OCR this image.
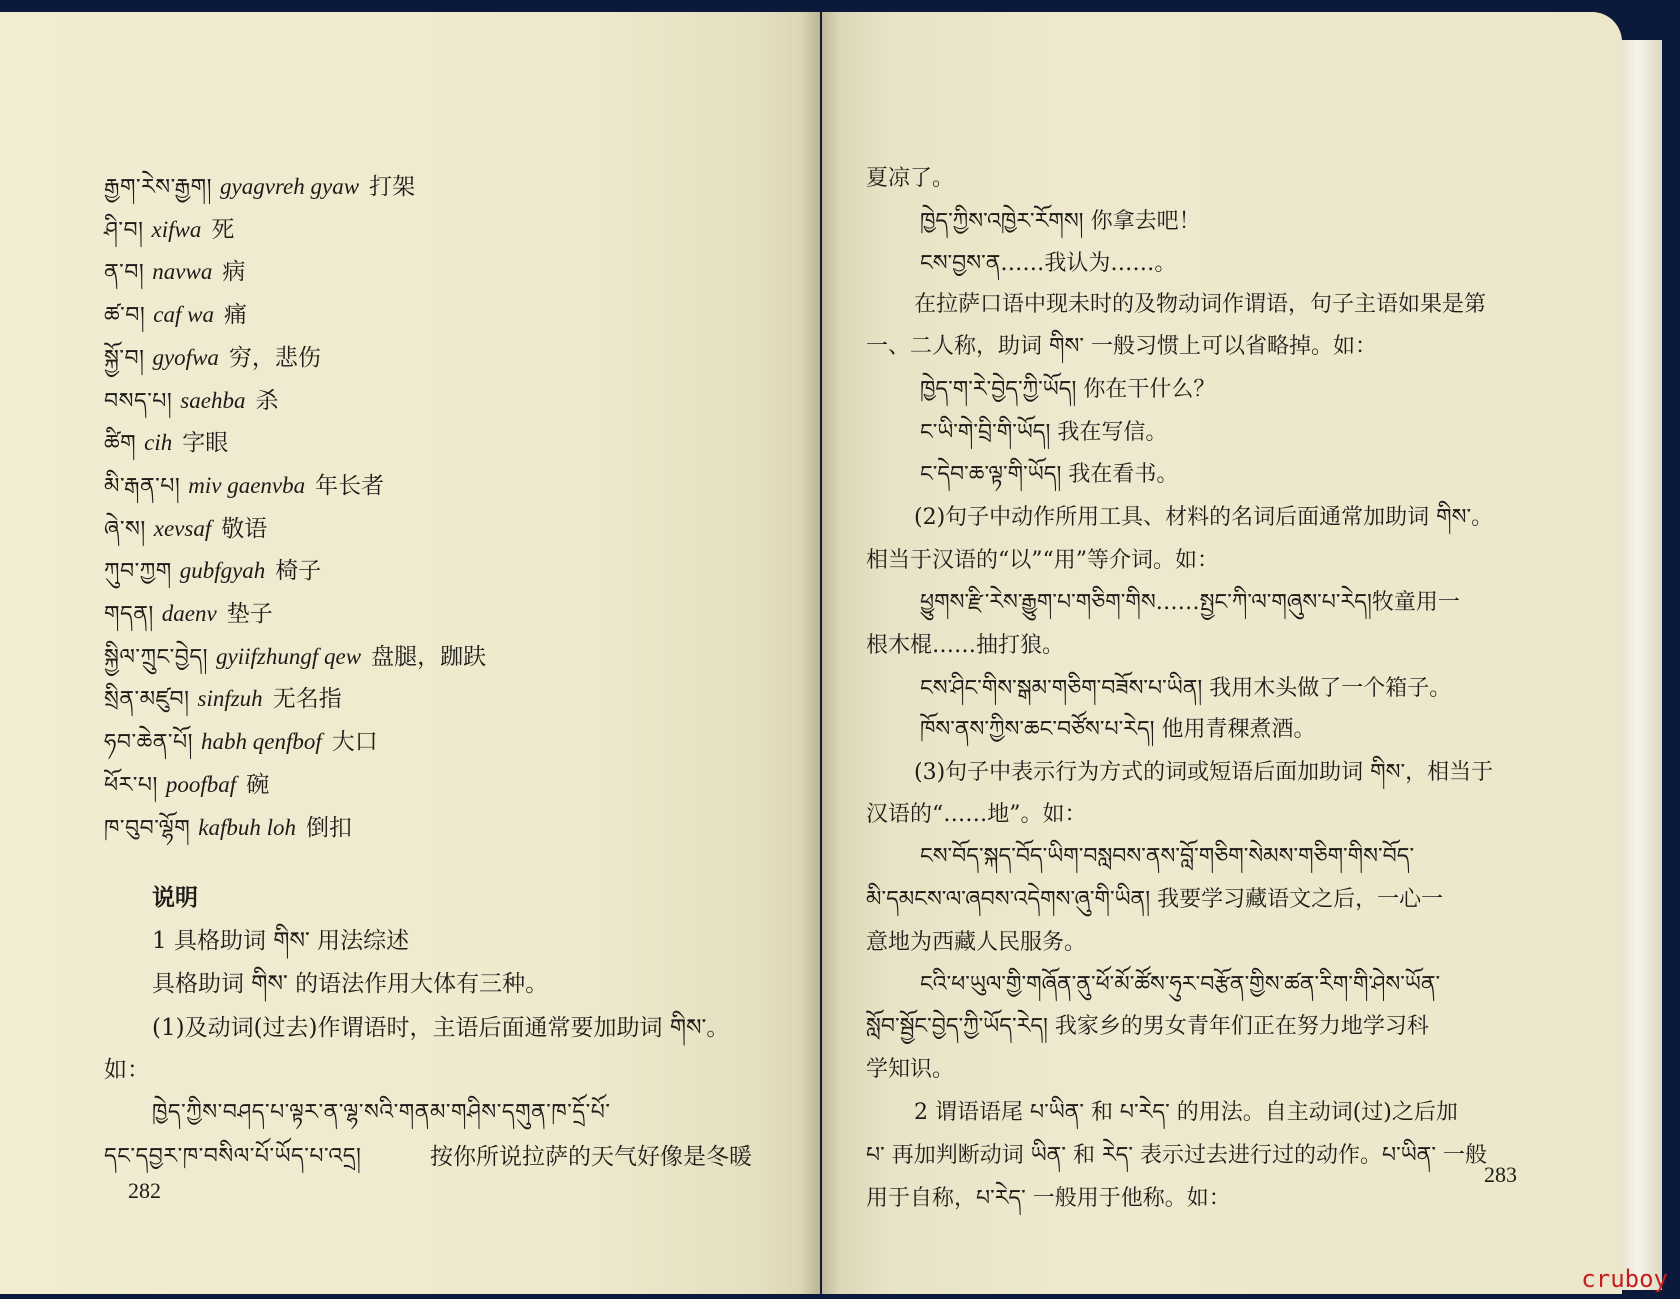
རྒྱག་རེས་རྒྱག། gyagvreh gyaw 打架
ཤི་བ། xifwa 死
ན་བ། navwa 病
ཚ་བ། caf wa 痛
སྐྱོ་བ། gyofwa 穷，悲伤
བསད་པ། saehba 杀
ཚིག cih 字眼
མི་རྒན་པ། miv gaenvba 年长者
ཞེ་ས། xevsaf 敬语
ཀུབ་ཀྱག gubfgyah 椅子
གདན། daenv 垫子
སྐྱིལ་ཀྲུང་བྱེད། gyiifzhungf qew 盘腿，跏趺
སྲིན་མཛུབ། sinfzuh 无名指
ཧབ་ཆེན་པོ། habh qenfbof 大口
ཕོར་པ། poofbaf 碗
ཁ་བུབ་ལྷོག kafbuh loh 倒扣
说明
1 具格助词 གིས་ 用法综述
具格助词 གིས་ 的语法作用大体有三种。
(1)及动词(过去)作谓语时，主语后面通常要加助词 གིས་。
如：
ཁྱེད་ཀྱིས་བཤད་པ་ལྟར་ན་ལྷ་སའི་གནམ་གཤིས་དགུན་ཁ་དྲོ་པོ་
དང་དབྱར་ཁ་བསིལ་པོ་ཡོད་པ་འདྲ།	按你所说拉萨的天气好像是冬暖
282
夏凉了。
ཁྱེད་ཀྱིས་འཁྱེར་རོགས། 你拿去吧！
ངས་བྱས་ན……我认为……。
在拉萨口语中现未时的及物动词作谓语，句子主语如果是第
一、二人称，助词 གིས་ 一般习惯上可以省略掉。如：
ཁྱེད་ག་རེ་བྱེད་ཀྱི་ཡོད། 你在干什么？
ང་ཡི་གེ་བྲི་གི་ཡོད། 我在写信。
ང་དེབ་ཆ་ལྟ་གི་ཡོད། 我在看书。
(2)句子中动作所用工具、材料的名词后面通常加助词 གིས་。
相当于汉语的“以”“用”等介词。如：
ཕྱུགས་རྫི་རེས་རྒྱུག་པ་གཅིག་གིས……སྤྱང་ཀི་ལ་གཞུས་པ་རེད།牧童用一
根木棍……抽打狼。
ངས་ཤིང་གིས་སྒམ་གཅིག་བཟོས་པ་ཡིན། 我用木头做了一个箱子。
ཁོས་ནས་ཀྱིས་ཆང་བཙོས་པ་རེད། 他用青稞煮酒。
(3)句子中表示行为方式的词或短语后面加助词 གིས་，相当于
汉语的“……地”。如：
ངས་བོད་སྐད་བོད་ཡིག་བསླབས་ནས་བློ་གཅིག་སེམས་གཅིག་གིས་བོད་
མི་དམངས་ལ་ཞབས་འདེགས་ཞུ་གི་ཡིན། 我要学习藏语文之后，一心一
意地为西藏人民服务。
ངའི་ཕ་ཡུལ་གྱི་གཞོན་ནུ་ཕོ་མོ་ཚོས་ཧུར་བརྩོན་གྱིས་ཚན་རིག་གི་ཤེས་ཡོན་
སློབ་སྦྱོང་བྱེད་ཀྱི་ཡོད་རེད། 我家乡的男女青年们正在努力地学习科
学知识。
2 谓语语尾 པ་ཡིན་ 和 པ་རེད་ 的用法。自主动词(过)之后加
པ་ 再加判断动词 ཡིན་ 和 རེད་ 表示过去进行过的动作。པ་ཡིན་ 一般
用于自称，པ་རེད་ 一般用于他称。如：
283
cruboy
